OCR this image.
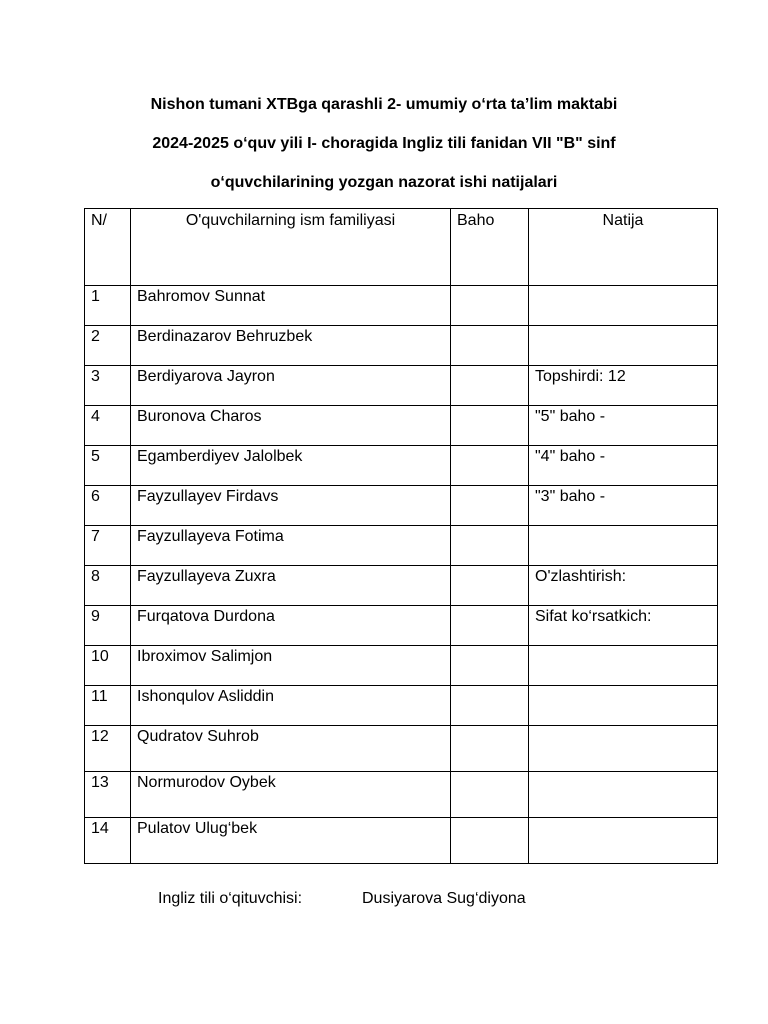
Nishon tumani XTBga qarashli 2- umumiy o‘rta ta’lim maktabi
2024-2025 o‘quv yili I- choragida Ingliz tili fanidan VII "B" sinf
o‘quvchilarining yozgan nazorat ishi natijalari
N/	O'quvchilarning ism familiyasi	Baho	Natija
1	Bahromov Sunnat		
2	Berdinazarov Behruzbek		
3	Berdiyarova Jayron		Topshirdi: 12
4	Buronova Charos		"5" baho -
5	Egamberdiyev Jalolbek		"4" baho -
6	Fayzullayev Firdavs		"3" baho -
7	Fayzullayeva Fotima		
8	Fayzullayeva Zuxra		O'zlashtirish:
9	Furqatova Durdona		Sifat ko‘rsatkich:
10	Ibroximov Salimjon		
11	Ishonqulov Asliddin		
12	Qudratov Suhrob		
13	Normurodov Oybek		
14	Pulatov Ulug‘bek		
Ingliz tili o‘qituvchisi:	Dusiyarova Sug‘diyona
